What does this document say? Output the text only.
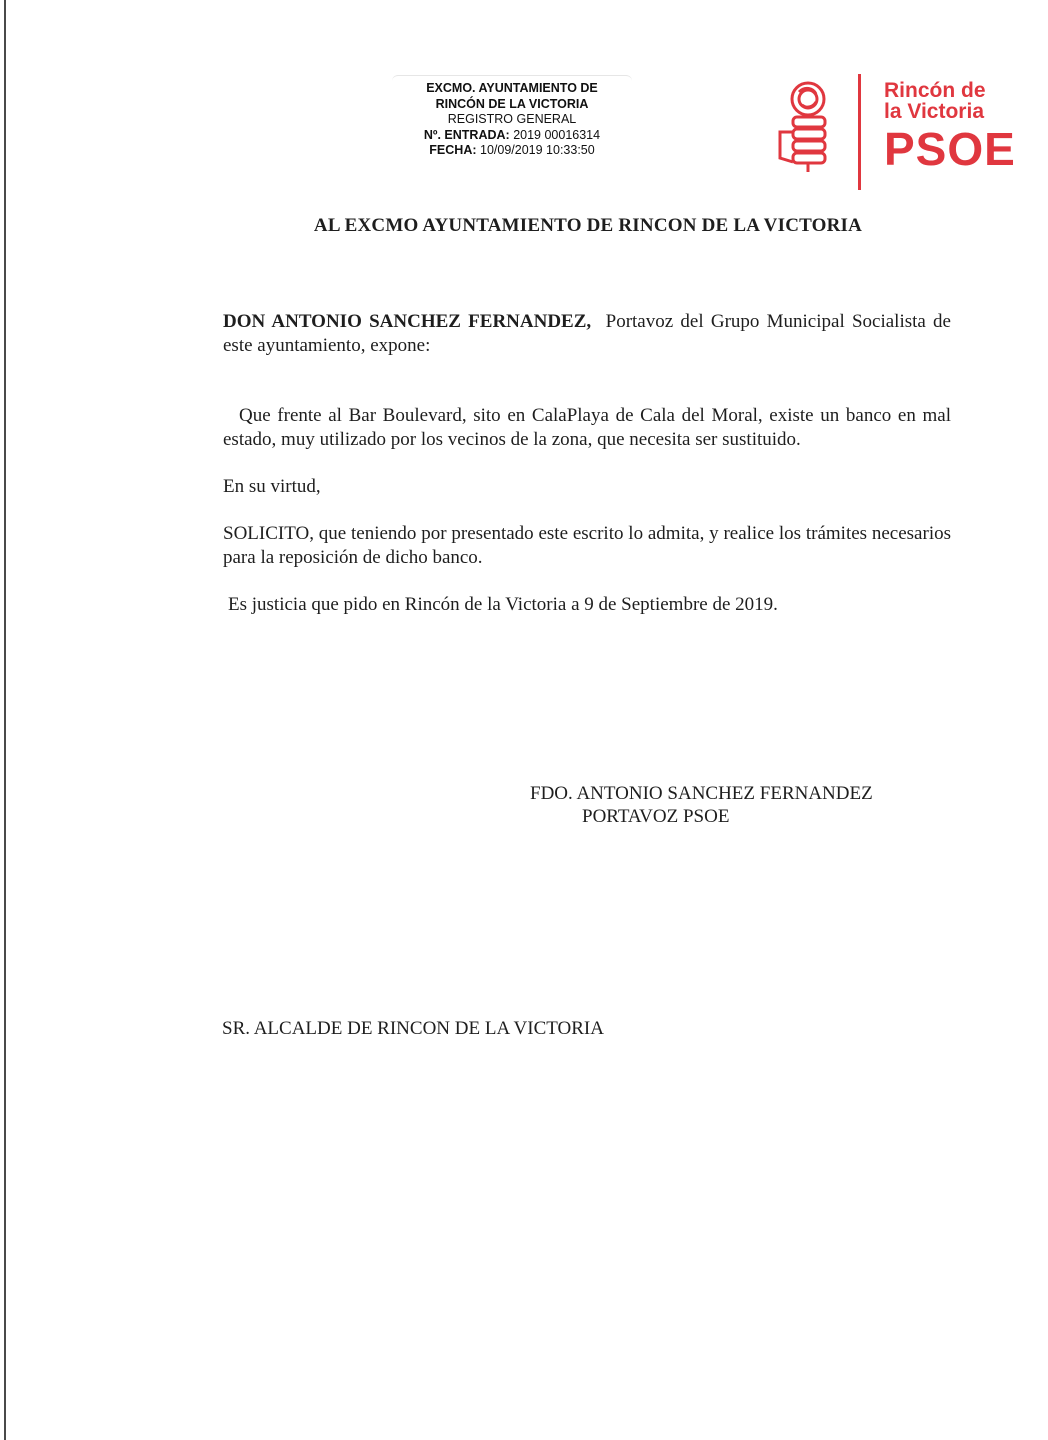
EXCMO. AYUNTAMIENTO DE
RINCÓN DE LA VICTORIA
REGISTRO GENERAL
Nº. ENTRADA: 2019 00016314
FECHA: 10/09/2019 10:33:50
Rincón de
la Victoria
PSOE
AL EXCMO AYUNTAMIENTO DE RINCON DE LA VICTORIA
DON ANTONIO SANCHEZ FERNANDEZ, Portavoz del Grupo Municipal Socialista de este ayuntamiento, expone:
Que frente al Bar Boulevard, sito en CalaPlaya de Cala del Moral, existe un banco en mal estado, muy utilizado por los vecinos de la zona, que necesita ser sustituido.
En su virtud,
SOLICITO, que teniendo por presentado este escrito lo admita, y realice los trámites necesarios para la reposición de dicho banco.
Es justicia que pido en Rincón de la Victoria a 9 de Septiembre de 2019.
FDO. ANTONIO SANCHEZ FERNANDEZ
PORTAVOZ PSOE
SR. ALCALDE DE RINCON DE LA VICTORIA
